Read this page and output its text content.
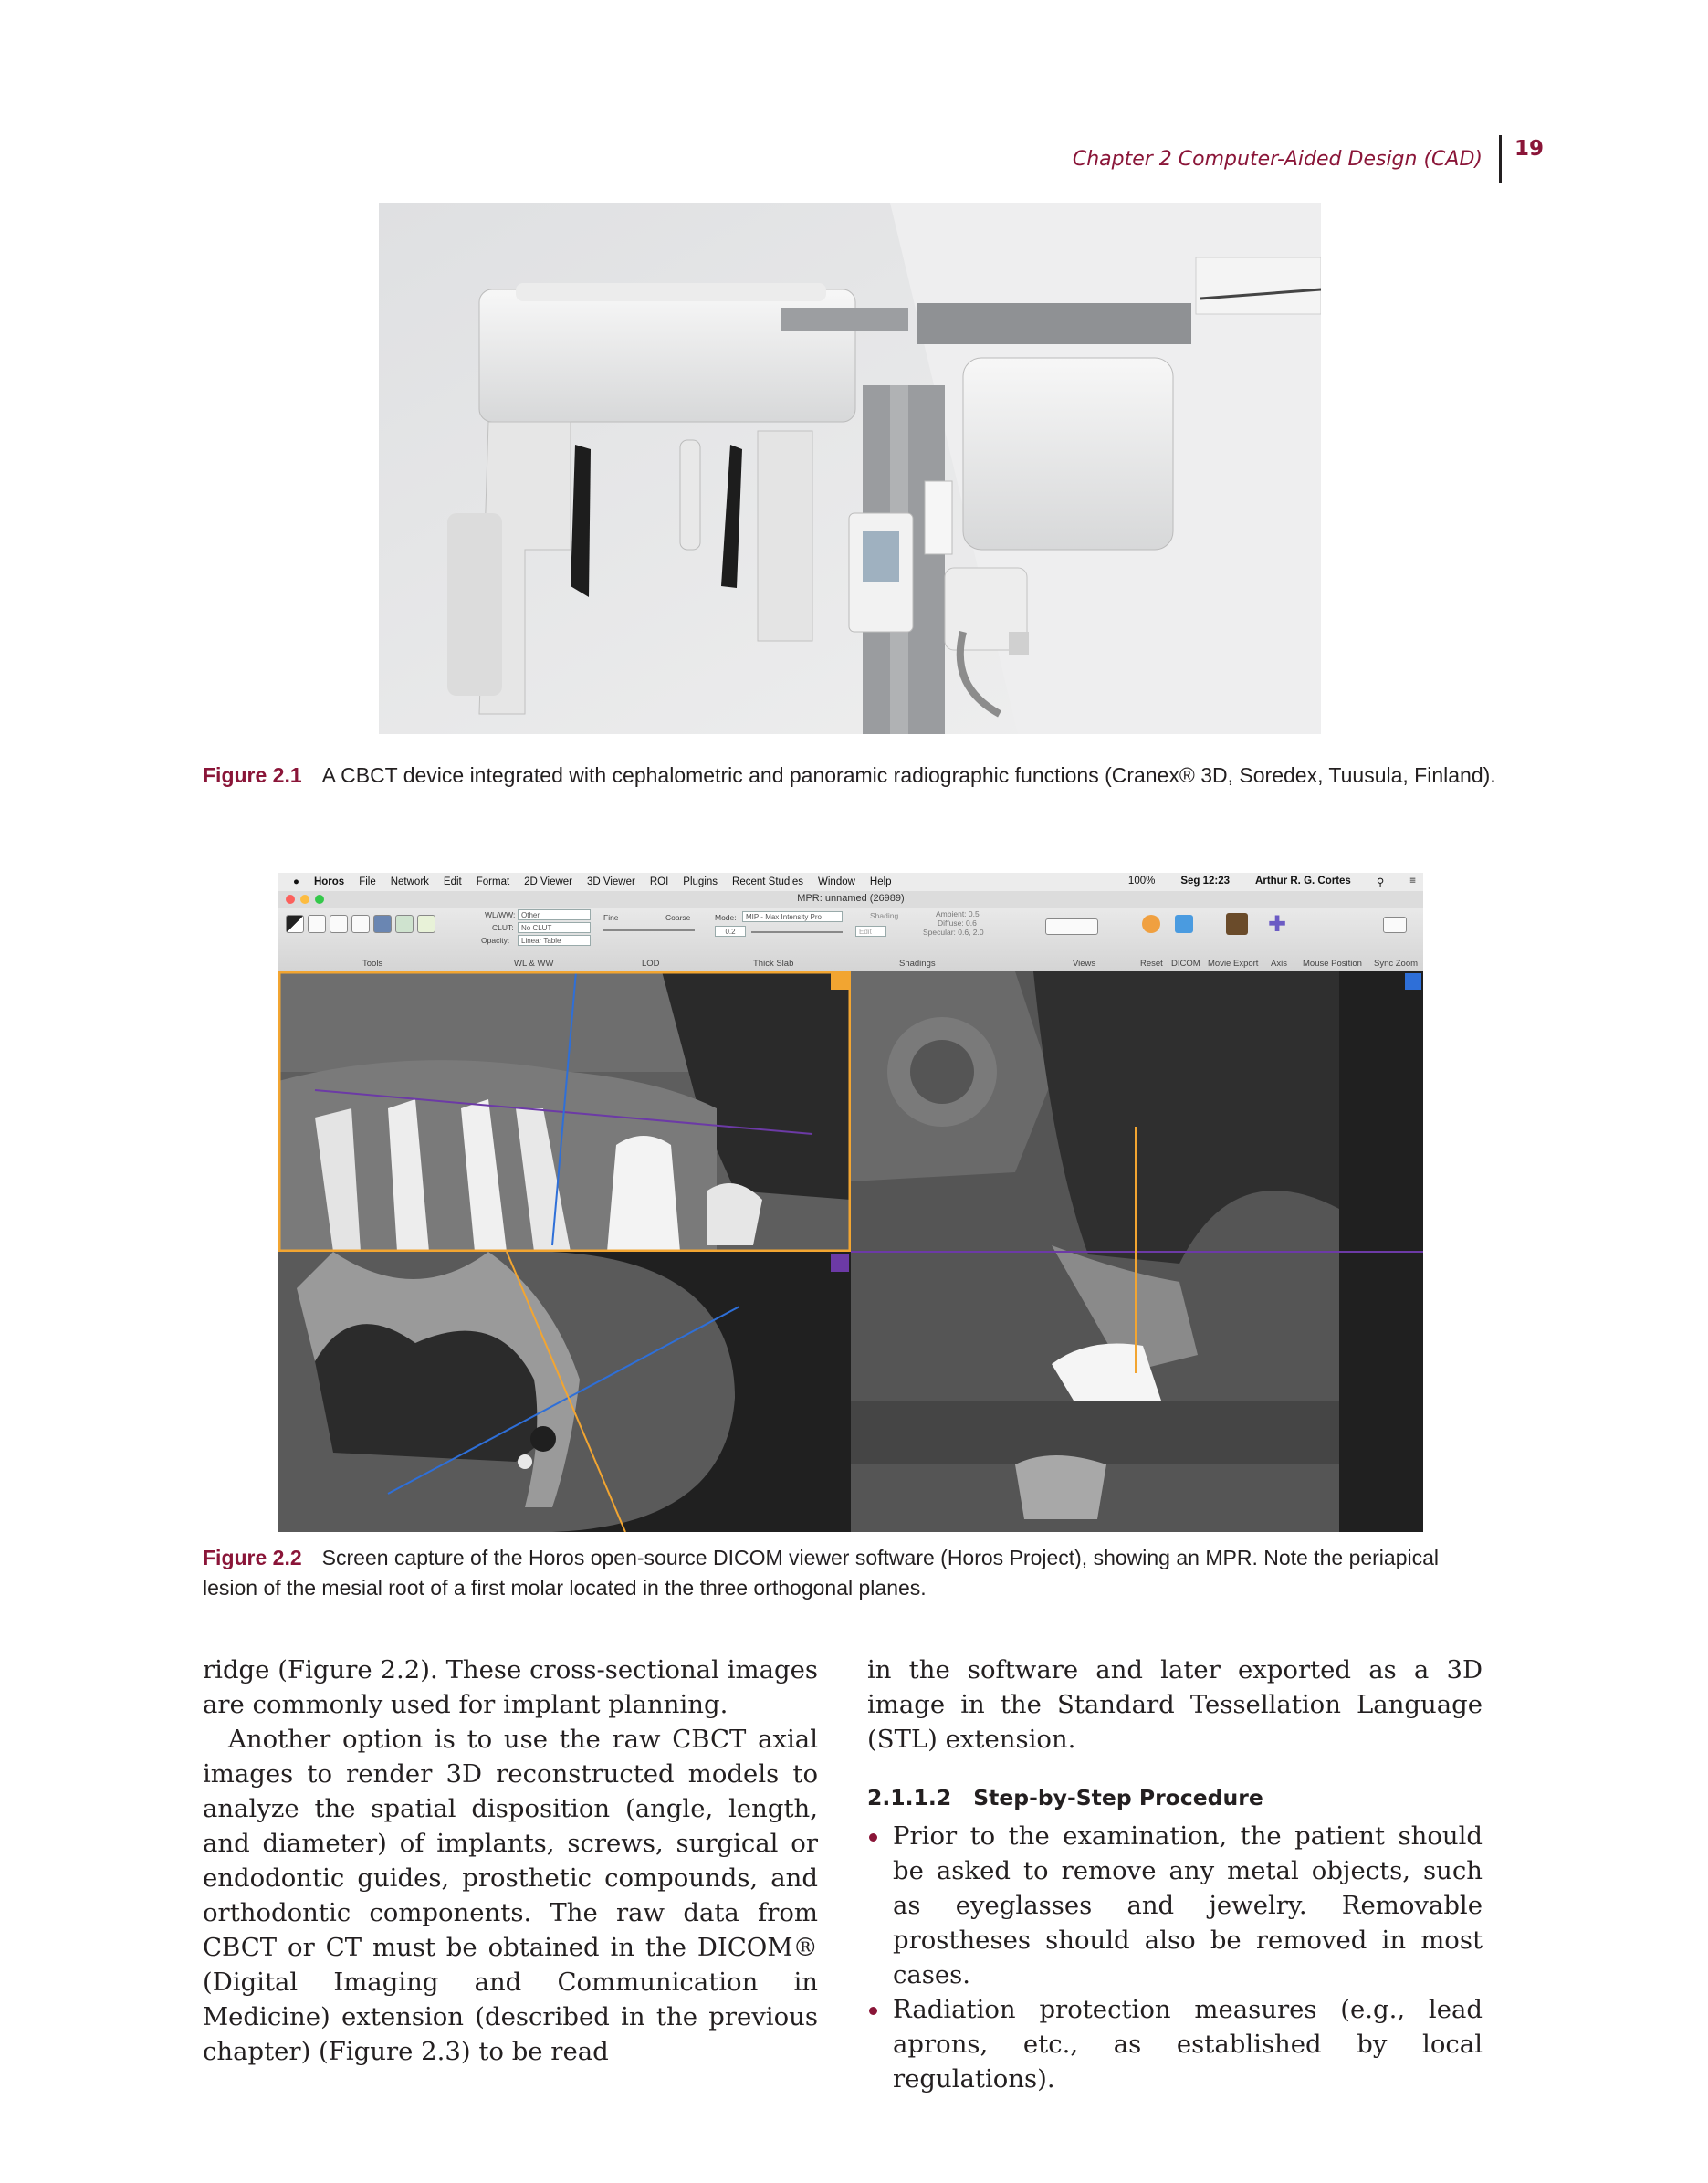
Chapter 2 Computer-Aided Design (CAD)	19
Figure 2.1 A CBCT device integrated with cephalometric and panoramic radiographic functions (Cranex® 3D, Soredex, Tuusula, Finland).
● Horos File Network Edit Format 2D Viewer 3D Viewer ROI Plugins Recent Studies Window Help	100% Seg 12:23 Arthur R. G. Cortes ⚲ ≡
MPR: unnamed (26989)
Tools
WL/WW: Other
CLUT:	No CLUT
Opacity:	Linear Table
WL & WW
Fine	Coarse
LOD
Mode:	MIP - Max Intensity Pro
0.2
Thick Slab
Shading
Edit
Ambient: 0.5
Diffuse: 0.6
Specular: 0.6, 2.0
Shadings	Views	Reset DICOM Movie Export
✚
Axis Mouse Position Sync Zoom
Figure 2.2 Screen capture of the Horos open-source DICOM viewer software (Horos Project), showing an MPR. Note the periapical lesion of the mesial root of a first molar located in the three orthogonal planes.

ridge (Figure 2.2). These cross-sectional images are commonly used for implant planning.

Another option is to use the raw CBCT axial images to render 3D reconstructed models to analyze the spatial disposition (angle, length, and diameter) of implants, screws, surgical or endodontic guides, prosthetic compounds, and orthodontic components. The raw data from CBCT or CT must be obtained in the DICOM® (Digital Imaging and Communication in Medicine) extension (described in the previous chapter) (Figure 2.3) to be read

in the software and later exported as a 3D image in the Standard Tessellation Language (STL) extension.

2.1.1.2 Step-by-Step Procedure

Prior to the examination, the patient should be asked to remove any metal objects, such as eyeglasses and jewelry. Removable prostheses should also be removed in most cases.

Radiation protection measures (e.g., lead aprons, etc., as established by local regulations).
